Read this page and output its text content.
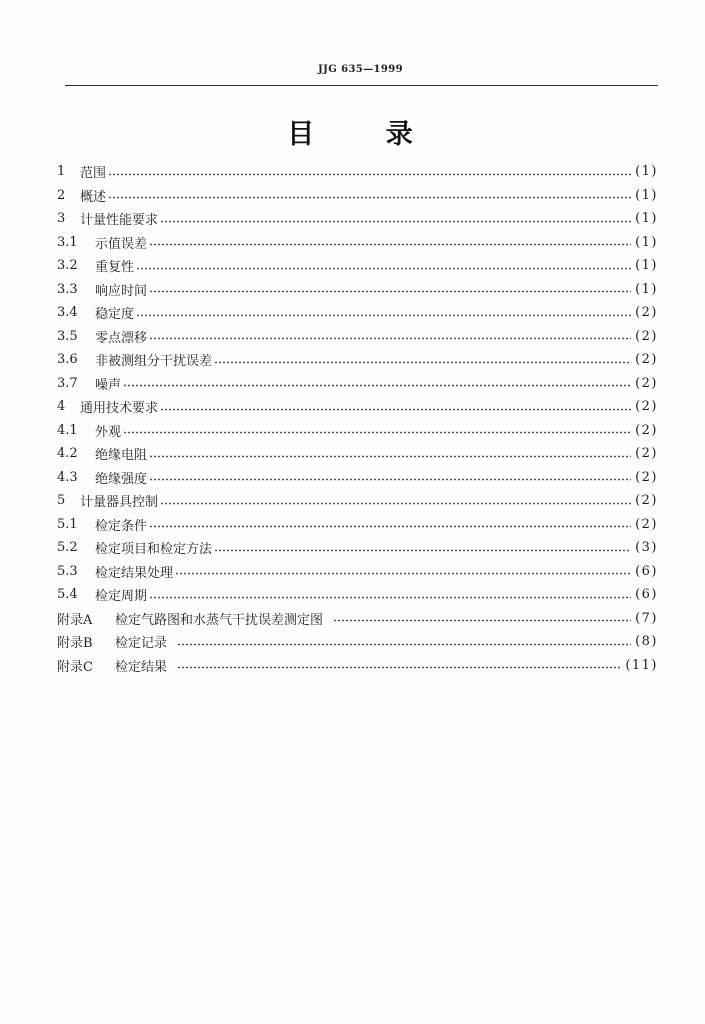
JJG 635—1999
目 录
1	范围	(1)
2	概述	(1)
3	计量性能要求	(1)
3.1	示值误差	(1)
3.2	重复性	(1)
3.3	响应时间	(1)
3.4	稳定度	(2)
3.5	零点漂移	(2)
3.6	非被测组分干扰误差	(2)
3.7	噪声	(2)
4	通用技术要求	(2)
4.1	外观	(2)
4.2	绝缘电阻	(2)
4.3	绝缘强度	(2)
5	计量器具控制	(2)
5.1	检定条件	(2)
5.2	检定项目和检定方法	(3)
5.3	检定结果处理	(6)
5.4	检定周期	(6)
附录A	检定气路图和水蒸气干扰误差测定图	(7)
附录B	检定记录	(8)
附录C	检定结果	(11)
